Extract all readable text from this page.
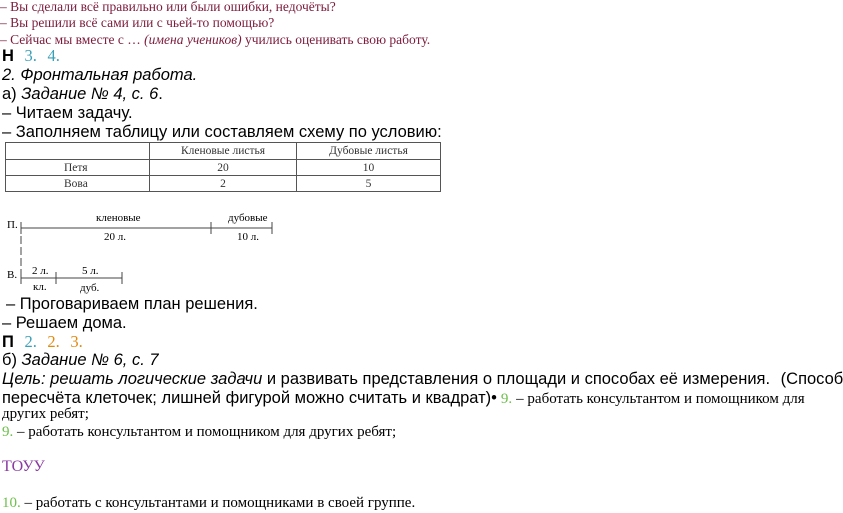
– Вы сделали всё правильно или были ошибки, недочёты?
– Вы решили всё сами или с чьей-то помощью?
– Сейчас мы вместе с … (имена учеников) учились оценивать свою работу.
Н 3. 4.
2. Фронтальная работа.
а) Задание № 4, с. 6.
– Читаем задачу.
– Заполняем таблицу или составляем схему по условию:
	Кленовые листья	Дубовые листья
Петя	20	10
Вова	2	5
П.
В.
кленовые	дубовые
20 л.	10 л.
2 л.	5 л.
кл.	дуб.
– Проговариваем план решения.
– Решаем дома.
П 2. 2. 3.
б) Задание № 6, с. 7
Цель: решать логические задачи и развивать представления о площади и способах её измерения. (Способ
пересчёта клеточек; лишней фигурой можно считать и квадрат)• 9. – работать консультантом и помощником для
других ребят;
9. – работать консультантом и помощником для других ребят;
ТОУУ
10. – работать с консультантами и помощниками в своей группе.
